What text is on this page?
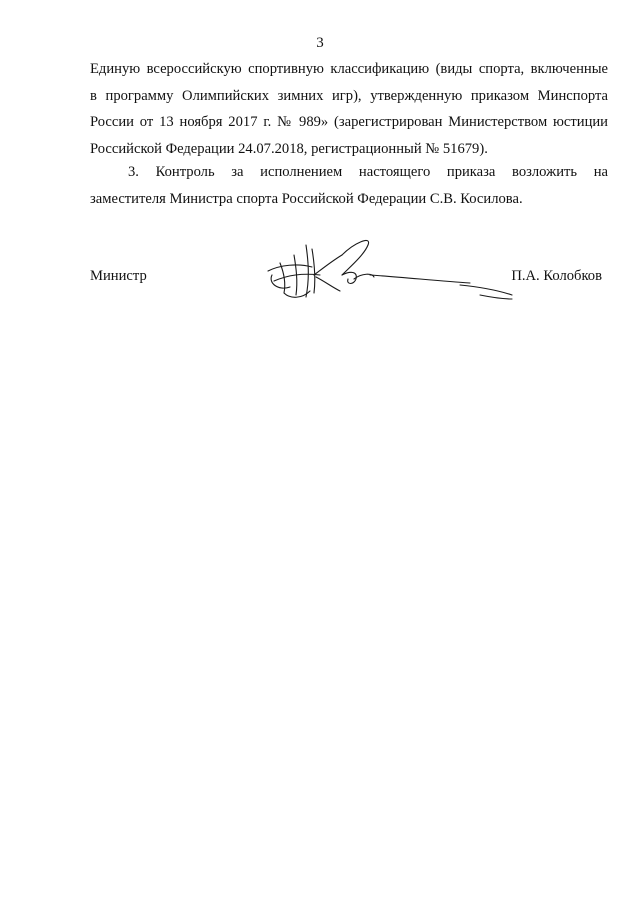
3
Единую всероссийскую спортивную классификацию (виды спорта, включенные
в программу Олимпийских зимних игр), утвержденную приказом Минспорта
России от 13 ноября 2017 г. № 989» (зарегистрирован Министерством юстиции
Российской Федерации 24.07.2018, регистрационный № 51679).
3. Контроль за исполнением настоящего приказа возложить на
заместителя Министра спорта Российской Федерации С.В. Косилова.
Министр	П.А. Колобков
